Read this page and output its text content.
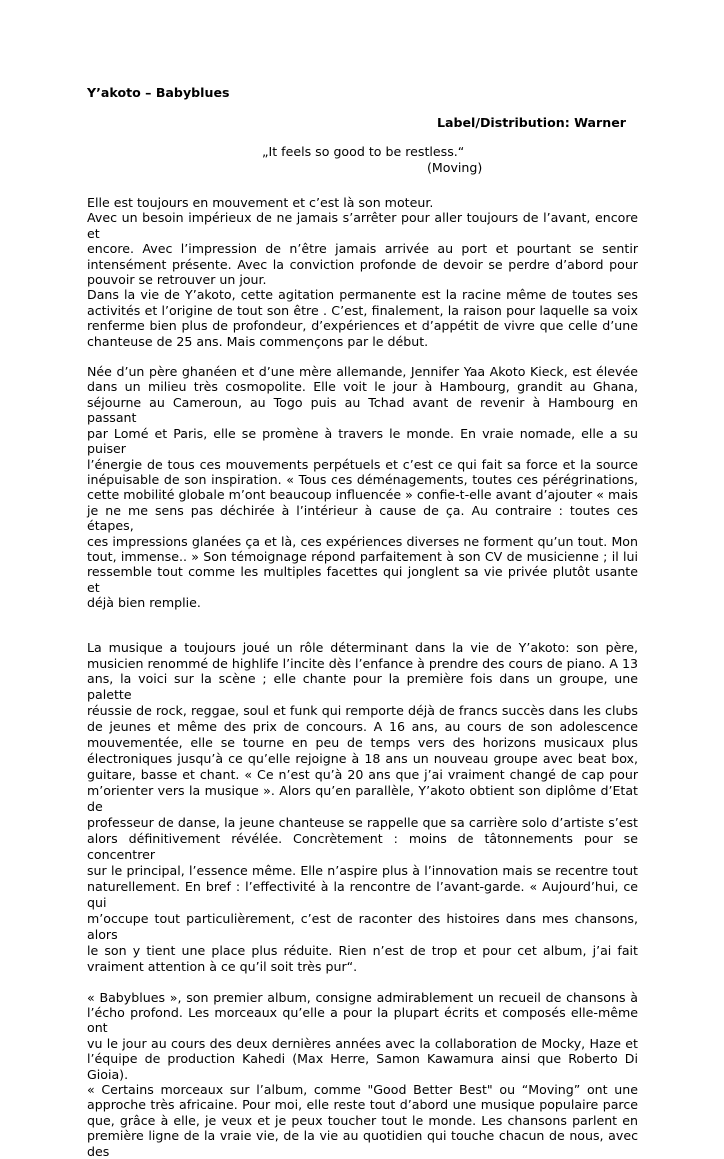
Y’akoto – Babyblues

Label/Distribution: Warner
„It feels so good to be restless.“
(Moving)
Elle est toujours en mouvement et c’est là son moteur.
Avec un besoin impérieux de ne jamais s’arrêter pour aller toujours de l’avant, encore et
encore. Avec l’impression de n’être jamais arrivée au port et pourtant se sentir
intensément présente. Avec la conviction profonde de devoir se perdre d’abord pour
pouvoir se retrouver un jour.
Dans la vie de Y’akoto, cette agitation permanente est la racine même de toutes ses
activités et l’origine de tout son être . C’est, finalement, la raison pour laquelle sa voix
renferme bien plus de profondeur, d’expériences et d’appétit de vivre que celle d’une
chanteuse de 25 ans. Mais commençons par le début.
Née d’un père ghanéen et d’une mère allemande, Jennifer Yaa Akoto Kieck, est élevée
dans un milieu très cosmopolite. Elle voit le jour à Hambourg, grandit au Ghana,
séjourne au Cameroun, au Togo puis au Tchad avant de revenir à Hambourg en passant
par Lomé et Paris, elle se promène à travers le monde. En vraie nomade, elle a su puiser
l’énergie de tous ces mouvements perpétuels et c’est ce qui fait sa force et la source
inépuisable de son inspiration. « Tous ces déménagements, toutes ces pérégrinations,
cette mobilité globale m’ont beaucoup influencée » confie-t-elle avant d’ajouter « mais
je ne me sens pas déchirée à l’intérieur à cause de ça. Au contraire : toutes ces étapes,
ces impressions glanées ça et là, ces expériences diverses ne forment qu’un tout. Mon
tout, immense.. » Son témoignage répond parfaitement à son CV de musicienne ; il lui
ressemble tout comme les multiples facettes qui jonglent sa vie privée plutôt usante et
déjà bien remplie.
La musique a toujours joué un rôle déterminant dans la vie de Y’akoto: son père,
musicien renommé de highlife l’incite dès l’enfance à prendre des cours de piano. A 13
ans, la voici sur la scène ; elle chante pour la première fois dans un groupe, une palette
réussie de rock, reggae, soul et funk qui remporte déjà de francs succès dans les clubs
de jeunes et même des prix de concours. A 16 ans, au cours de son adolescence
mouvementée, elle se tourne en peu de temps vers des horizons musicaux plus
électroniques jusqu’à ce qu’elle rejoigne à 18 ans un nouveau groupe avec beat box,
guitare, basse et chant. « Ce n’est qu’à 20 ans que j’ai vraiment changé de cap pour
m’orienter vers la musique ». Alors qu’en parallèle, Y’akoto obtient son diplôme d’Etat de
professeur de danse, la jeune chanteuse se rappelle que sa carrière solo d’artiste s’est
alors définitivement révélée. Concrètement : moins de tâtonnements pour se concentrer
sur le principal, l’essence même. Elle n’aspire plus à l’innovation mais se recentre tout
naturellement. En bref : l’effectivité à la rencontre de l’avant-garde. « Aujourd’hui, ce qui
m’occupe tout particulièrement, c’est de raconter des histoires dans mes chansons, alors
le son y tient une place plus réduite. Rien n’est de trop et pour cet album, j’ai fait
vraiment attention à ce qu’il soit très pur“.
« Babyblues », son premier album, consigne admirablement un recueil de chansons à
l’écho profond. Les morceaux qu’elle a pour la plupart écrits et composés elle-même ont
vu le jour au cours des deux dernières années avec la collaboration de Mocky, Haze et
l’équipe de production Kahedi (Max Herre, Samon Kawamura ainsi que Roberto Di Gioia).
« Certains morceaux sur l’album, comme "Good Better Best" ou “Moving” ont une
approche très africaine. Pour moi, elle reste tout d’abord une musique populaire parce
que, grâce à elle, je veux et je peux toucher tout le monde. Les chansons parlent en
première ligne de la vraie vie, de la vie au quotidien qui touche chacun de nous, avec des
